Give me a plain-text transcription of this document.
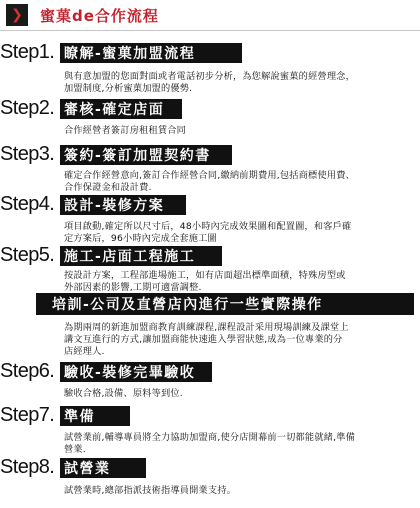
❯ 蜜菓de合作流程
Step1. 瞭解-蜜菓加盟流程

與有意加盟的您面對面或者電話初步分析，為您解說蜜菓的經營理念，

加盟制度,分析蜜菓加盟的優勢.

Step2. 審核-確定店面

合作經營者簽訂房租租賃合同

Step3. 簽約-簽訂加盟契約書

確定合作經營意向,簽訂合作經營合同,繳納前期費用,包括商標使用費、

合作保證金和設計費.

Step4. 設計-裝修方案

項目啟動,確定所以尺寸后，48小時內完成效果圖和配置圖，和客戶確

定方案后，96小時內完成全套施工圖

Step5. 施工-店面工程施工

按設計方案，工程部進場施工，如有店面超出標準面積，特殊房型或

外部因素的影響,工期可適當調整.

培訓-公司及直營店內進行一些實際操作

為期兩周的新進加盟商教育訓練課程,課程設計采用現場訓練及課堂上

講文互進行的方式,讓加盟商能快速進入學習狀態,成為一位專業的分

店經理人.

Step6. 驗收-裝修完畢驗收

驗收合格,設備、原料等到位.

Step7. 準備

試營業前,輔導專員將全力協助加盟商,使分店開幕前一切都能就緒,準備

營業.

Step8. 試營業

試營業時,總部指派技術指導員開業支持。
